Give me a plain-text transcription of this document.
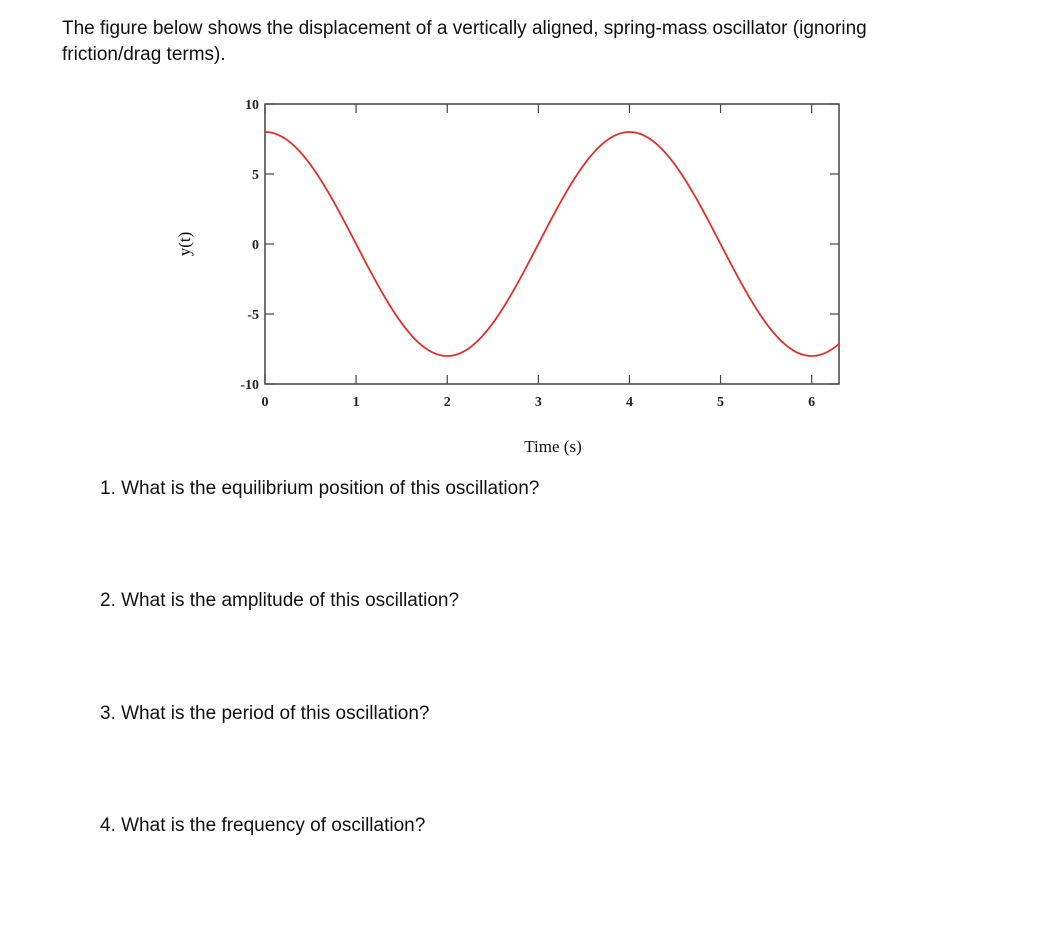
The figure below shows the displacement of a vertically aligned, spring-mass oscillator (ignoring friction/drag terms).

0	1	2	3	4	5	6
10
5
0
-5
-10
Time (s)
y(t)

1. What is the equilibrium position of this oscillation?

2. What is the amplitude of this oscillation?

3. What is the period of this oscillation?

4. What is the frequency of oscillation?
